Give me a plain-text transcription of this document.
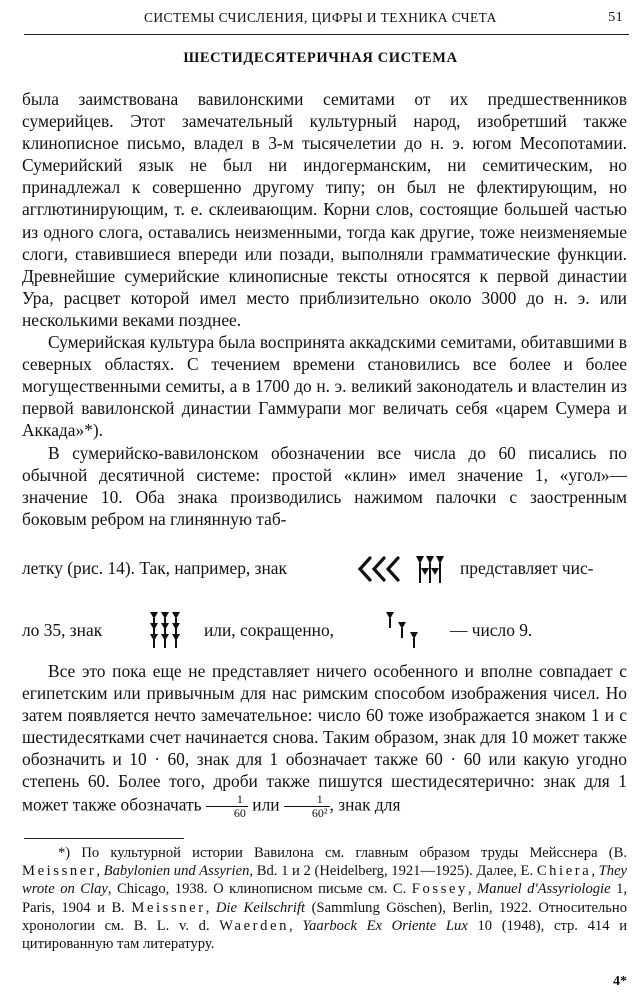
СИСТЕМЫ СЧИСЛЕНИЯ, ЦИФРЫ И ТЕХНИКА СЧЕТА	51
ШЕСТИДЕСЯТЕРИЧНАЯ СИСТЕМА

была заимствована вавилонскими семитами от их предшественников сумерийцев. Этот замечательный культурный народ, изобретший также клинописное письмо, владел в 3-м тысячелетии до н. э. югом Месопотамии. Сумерийский язык не был ни индогерманским, ни семитическим, но принадлежал к совершенно другому типу; он был не флектирующим, но агглютинирующим, т. е. склеивающим. Корни слов, состоящие большей частью из одного слога, оставались неизменными, тогда как другие, тоже неизменяемые слоги, ставившиеся впереди или позади, выполняли грамматические функции. Древнейшие сумерийские клинописные тексты относятся к первой династии Ура, расцвет которой имел место приблизительно около 3000 до н. э. или несколькими веками позднее.

Сумерийская культура была воспринята аккадскими семитами, обитавшими в северных областях. С течением времени становились все более и более могущественными семиты, а в 1700 до н. э. великий законодатель и властелин из первой вавилонской династии Гаммурапи мог величать себя «царем Сумера и Аккада»*).

В сумерийско-вавилонском обозначении все числа до 60 писались по обычной десятичной системе: простой «клин» имел значение 1, «угол»— значение 10. Оба знака производились нажимом палочки с заостренным боковым ребром на глинянную таб-

летку (рис. 14). Так, например, знак	представляет чис-
ло 35, знак	или, сокращенно,	— число 9.

Все это пока еще не представляет ничего особенного и вполне совпадает с египетским или привычным для нас римским способом изображения чисел. Но затем появляется нечто замечательное: число 60 тоже изображается знаком 1 и с шестидесятками счет начинается снова. Таким образом, знак для 10 может также обозначить и 10 · 60, знак для 1 обозначает также 60 · 60 или какую угодно степень 60. Более того, дроби также пишутся шестидесятерично: знак для 1 может также обозначать $\frac{1}{60}$ или $\frac{1}{\text{60²}}$ , знак для

*) По культурной истории Вавилона см. главным образом труды Мейсснера (B. Meissner, Babylonien und Assyrien, Bd. 1 и 2 (Heidelberg, 1921—1925). Далее, E. Chiera, They wrote on Clay, Chicago, 1938. О клинописном письме см. C. Fossey, Manuel d'Assyriologie 1, Paris, 1904 и B. Meissner, Die Keilschrift (Sammlung Göschen), Berlin, 1922. Относительно хронологии см. B. L. v. d. Waerden, Yaarbock Ex Oriente Lux 10 (1948), стр. 414 и цитированную там литературу.

4*
